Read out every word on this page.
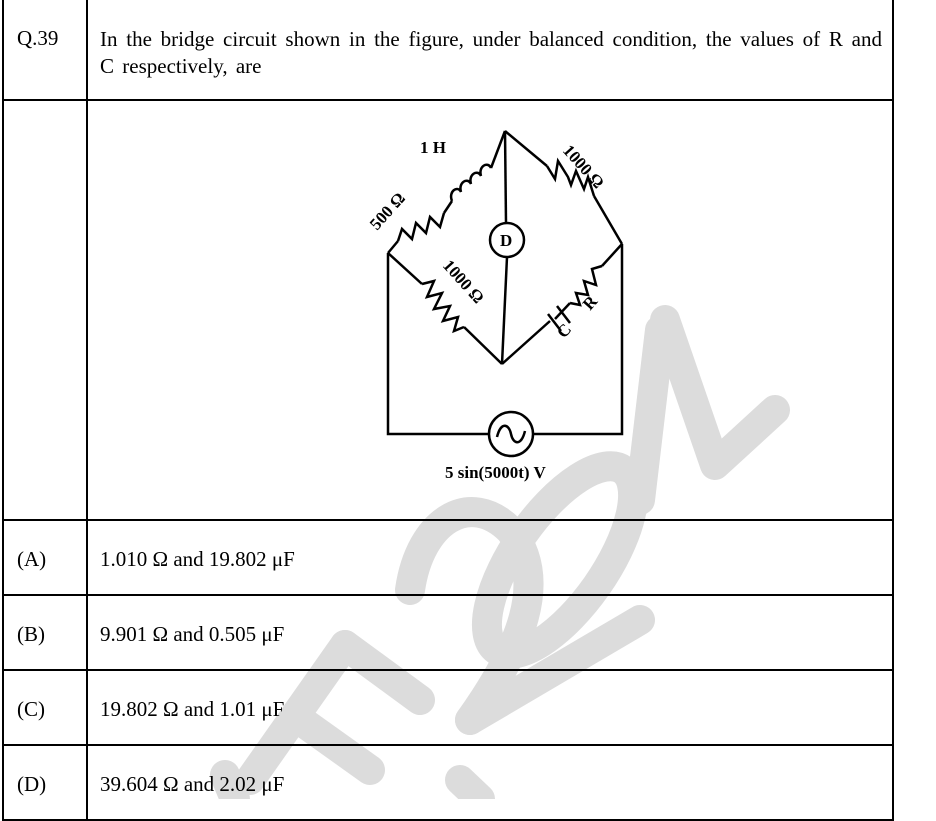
Q.39	In the bridge circuit shown in the figure, under balanced condition, the values of R and C respectively, are

1 H
500 Ω
1000 Ω
1000 Ω
D
R
C
5 sin(5000t) V

(A)	1.010 Ω and 19.802 μF

(B)	9.901 Ω and 0.505 μF

(C)	19.802 Ω and 1.01 μF

(D)	39.604 Ω and 2.02 μF
